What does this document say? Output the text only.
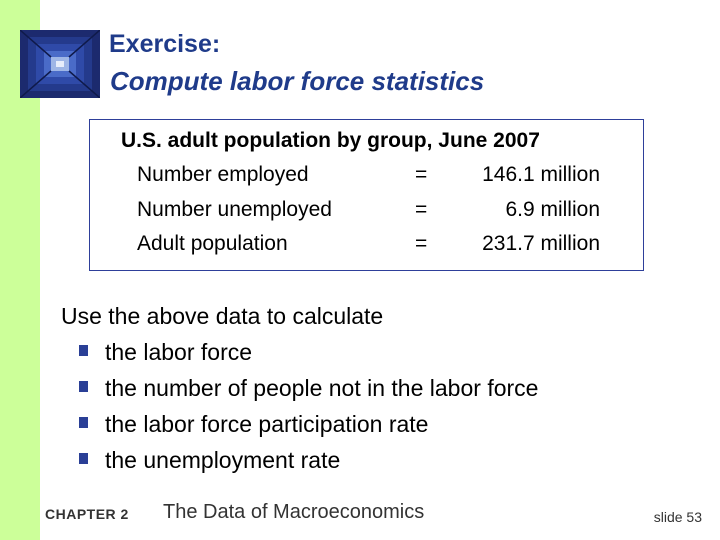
Exercise:
Compute labor force statistics
U.S. adult population by group, June 2007
Number employed	=	146.1 million
Number unemployed	=	6.9 million
Adult population	=	231.7 million
Use the above data to calculate
the labor force
the number of people not in the labor force
the labor force participation rate
the unemployment rate
CHAPTER 2 The Data of Macroeconomics	slide 53
